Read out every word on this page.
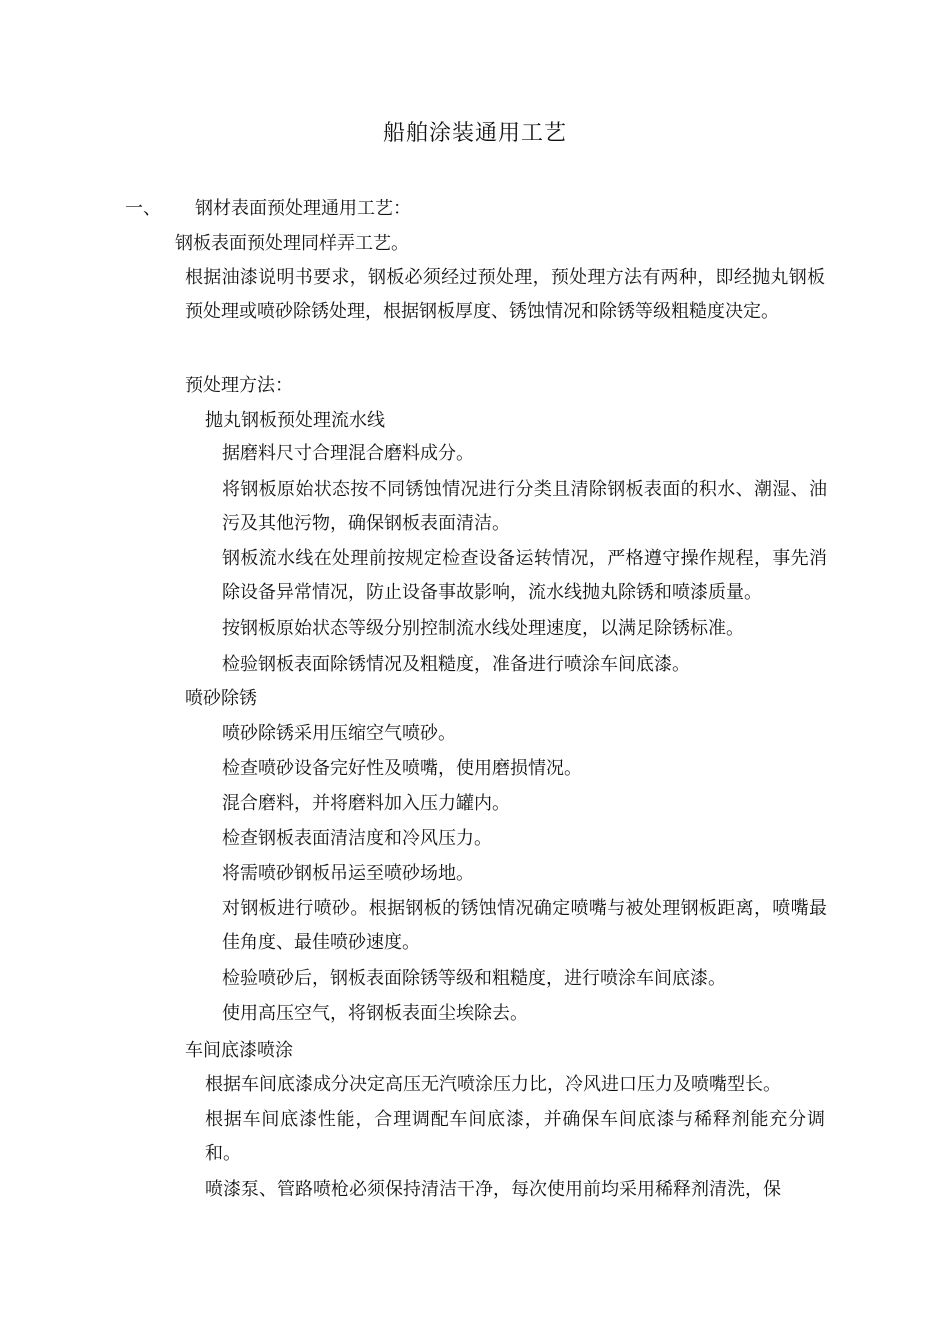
船舶涂装通用工艺
一、 钢材表面预处理通用工艺：
钢板表面预处理同样弄工艺。
根据油漆说明书要求，钢板必须经过预处理，预处理方法有两种，即经抛丸钢板预处理或喷砂除锈处理，根据钢板厚度、锈蚀情况和除锈等级粗糙度决定。
预处理方法：
抛丸钢板预处理流水线
据磨料尺寸合理混合磨料成分。
将钢板原始状态按不同锈蚀情况进行分类且清除钢板表面的积水、潮湿、油污及其他污物，确保钢板表面清洁。
钢板流水线在处理前按规定检查设备运转情况，严格遵守操作规程，事先消除设备异常情况，防止设备事故影响，流水线抛丸除锈和喷漆质量。
按钢板原始状态等级分别控制流水线处理速度，以满足除锈标准。
检验钢板表面除锈情况及粗糙度，准备进行喷涂车间底漆。
喷砂除锈
喷砂除锈采用压缩空气喷砂。
检查喷砂设备完好性及喷嘴，使用磨损情况。
混合磨料，并将磨料加入压力罐内。
检查钢板表面清洁度和冷风压力。
将需喷砂钢板吊运至喷砂场地。
对钢板进行喷砂。根据钢板的锈蚀情况确定喷嘴与被处理钢板距离，喷嘴最佳角度、最佳喷砂速度。
检验喷砂后，钢板表面除锈等级和粗糙度，进行喷涂车间底漆。
使用高压空气，将钢板表面尘埃除去。
车间底漆喷涂
根据车间底漆成分决定高压无汽喷涂压力比，冷风进口压力及喷嘴型长。
根据车间底漆性能，合理调配车间底漆，并确保车间底漆与稀释剂能充分调和。
喷漆泵、管路喷枪必须保持清洁干净，每次使用前均采用稀释剂清洗，保
